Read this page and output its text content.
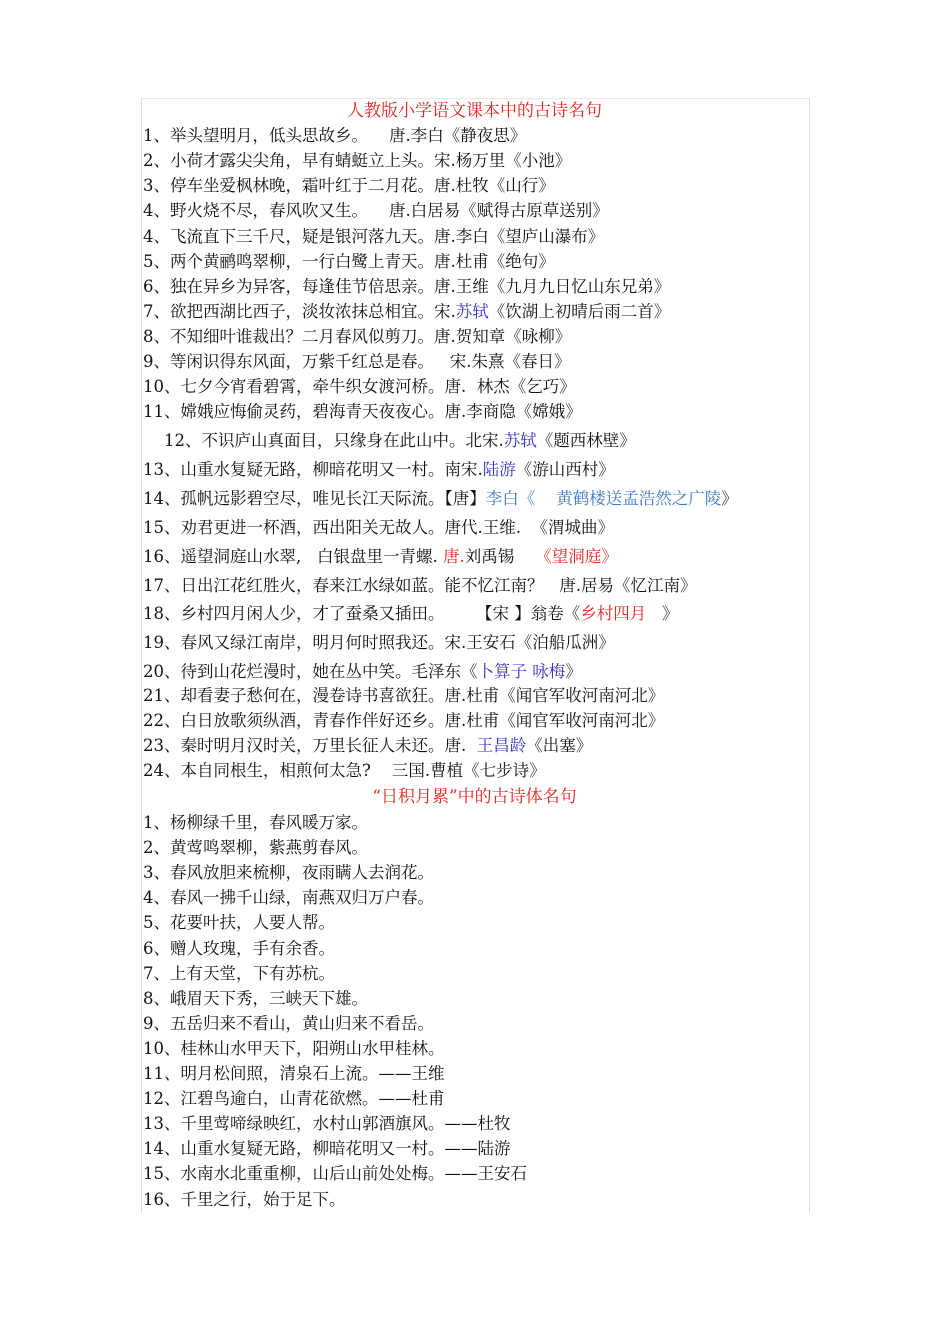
人教版小学语文课本中的古诗名句
1、举头望明月，低头思故乡。    唐.李白《静夜思》
2、小荷才露尖尖角，早有蜻蜓立上头。宋.杨万里《小池》
3、停车坐爱枫林晚，霜叶红于二月花。唐.杜牧《山行》
4、野火烧不尽，春风吹又生。    唐.白居易《赋得古原草送别》
4、飞流直下三千尺，疑是银河落九天。唐.李白《望庐山瀑布》
5、两个黄鹂鸣翠柳，一行白鹭上青天。唐.杜甫《绝句》
6、独在异乡为异客，每逢佳节倍思亲。唐.王维《九月九日忆山东兄弟》
7、欲把西湖比西子，淡妆浓抹总相宜。宋.苏轼《饮湖上初晴后雨二首》
8、不知细叶谁裁出？二月春风似剪刀。唐.贺知章《咏柳》
9、等闲识得东风面，万紫千红总是春。   宋.朱熹《春日》
10、七夕今宵看碧霄，牵牛织女渡河桥。唐.  林杰《乞巧》
11、嫦娥应悔偷灵药，碧海青天夜夜心。唐.李商隐《嫦娥》
12、不识庐山真面目，只缘身在此山中。北宋.苏轼《题西林壁》
13、山重水复疑无路，柳暗花明又一村。南宋.陆游《游山西村》
14、孤帆远影碧空尽，唯见长江天际流。【唐】李白《    黄鹤楼送孟浩然之广陵》
15、劝君更进一杯酒，西出阳关无故人。唐代.王维.  《渭城曲》
16、遥望洞庭山水翠,   白银盘里一青螺. 唐.刘禹锡    《望洞庭》
17、日出江花红胜火，春来江水绿如蓝。能不忆江南？   唐.居易《忆江南》
18、乡村四月闲人少，才了蚕桑又插田。      【宋 】翁卷《乡村四月   》
19、春风又绿江南岸，明月何时照我还。宋.王安石《泊船瓜洲》
20、待到山花烂漫时，她在丛中笑。毛泽东《卜算子 咏梅》
21、却看妻子愁何在，漫卷诗书喜欲狂。唐.杜甫《闻官军收河南河北》
22、白日放歌须纵酒，青春作伴好还乡。唐.杜甫《闻官军收河南河北》
23、秦时明月汉时关，万里长征人未还。唐.  王昌龄《出塞》
24、本自同根生，相煎何太急?    三国.曹植《七步诗》
“日积月累”中的古诗体名句
1、杨柳绿千里，春风暖万家。
2、黄莺鸣翠柳，紫燕剪春风。
3、春风放胆来梳柳，夜雨瞒人去润花。
4、春风一拂千山绿，南燕双归万户春。
5、花要叶扶，人要人帮。
6、赠人玫瑰，手有余香。
7、上有天堂，下有苏杭。
8、峨眉天下秀，三峡天下雄。
9、五岳归来不看山，黄山归来不看岳。
10、桂林山水甲天下，阳朔山水甲桂林。
11、明月松间照，清泉石上流。——王维
12、江碧鸟逾白，山青花欲燃。——杜甫
13、千里莺啼绿映红，水村山郭酒旗风。——杜牧
14、山重水复疑无路，柳暗花明又一村。——陆游
15、水南水北重重柳，山后山前处处梅。——王安石
16、千里之行，始于足下。
